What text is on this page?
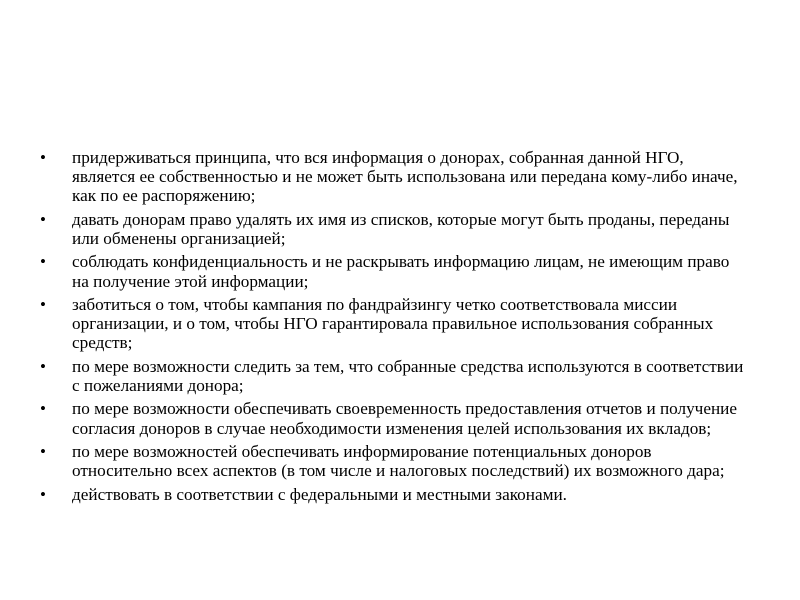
•	придерживаться принципа, что вся информация о донорах, собранная данной НГО, является ее собственностью и не может быть использована или передана кому-либо иначе, как по ее распоряжению;
•	давать донорам право удалять их имя из списков, которые могут быть проданы, переданы или обменены организацией;
•	соблюдать конфиденциальность и не раскрывать информацию лицам, не имеющим право на получение этой информации;
•	заботиться о том, чтобы кампания по фандрайзингу четко соответствовала миссии организации, и о том, чтобы НГО гарантировала правильное использования собранных средств;
•	по мере возможности следить за тем, что собранные средства используются в соответствии с пожеланиями донора;
•	по мере возможности обеспечивать своевременность предоставления отчетов и получение согласия доноров в случае необходимости изменения целей использования их вкладов;
•	по мере возможностей обеспечивать информирование потенциальных доноров относительно всех аспектов (в том числе и налоговых последствий) их возможного дара;
•	действовать в соответствии с федеральными и местными законами.
